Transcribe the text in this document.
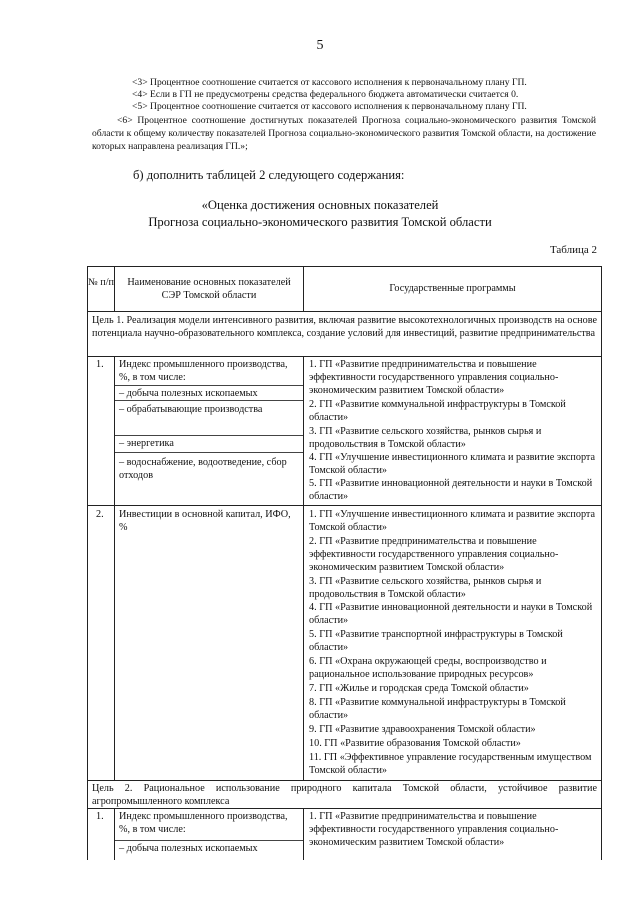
5
<3> Процентное соотношение считается от кассового исполнения к первоначальному плану ГП.
<4> Если в ГП не предусмотрены средства федерального бюджета автоматически считается 0.
<5> Процентное соотношение считается от кассового исполнения к первоначальному плану ГП.
<6> Процентное соотношение достигнутых показателей Прогноза социально-экономического развития Томской области к общему количеству показателей Прогноза социально-экономического развития Томской области, на достижение которых направлена реализация ГП.»;
б) дополнить таблицей 2 следующего содержания:
«Оценка достижения основных показателей
Прогноза социально-экономического развития Томской области
Таблица 2
№ п/п	Наименование основных показателей СЭР Томской области
Государственные программы
Цель 1. Реализация модели интенсивного развития, включая развитие высокотехнологичных производств на основе потенциала научно-образовательного комплекса, создание условий для инвестиций, развитие предпринимательства
1. Индекс промышленного производства, %, в том числе:
– добыча полезных ископаемых
– обрабатывающие производства
– энергетика
– водоснабжение, водоотведение, сбор отходов
1. ГП «Развитие предпринимательства и повышение эффективности государственного управления социально-экономическим развитием Томской области»
2. ГП «Развитие коммунальной инфраструктуры в Томской области»
3. ГП «Развитие сельского хозяйства, рынков сырья и продовольствия в Томской области»
4. ГП «Улучшение инвестиционного климата и развитие экспорта Томской области»
5. ГП «Развитие инновационной деятельности и науки в Томской области»
2. Инвестиции в основной капитал, ИФО, %
1. ГП «Улучшение инвестиционного климата и развитие экспорта Томской области»
2. ГП «Развитие предпринимательства и повышение эффективности государственного управления социально-экономическим развитием Томской области»
3. ГП «Развитие сельского хозяйства, рынков сырья и продовольствия в Томской области»
4. ГП «Развитие инновационной деятельности и науки в Томской области»
5. ГП «Развитие транспортной инфраструктуры в Томской области»
6. ГП «Охрана окружающей среды, воспроизводство и рациональное использование природных ресурсов»
7. ГП «Жилье и городская среда Томской области»
8. ГП «Развитие коммунальной инфраструктуры в Томской области»
9. ГП «Развитие здравоохранения Томской области»
10. ГП «Развитие образования Томской области»
11. ГП «Эффективное управление государственным имуществом Томской области»
Цель 2. Рациональное использование природного капитала Томской области, устойчивое развитие агропромышленного комплекса
1. Индекс промышленного производства, %, в том числе:
– добыча полезных ископаемых
1. ГП «Развитие предпринимательства и повышение эффективности государственного управления социально-экономическим развитием Томской области»
